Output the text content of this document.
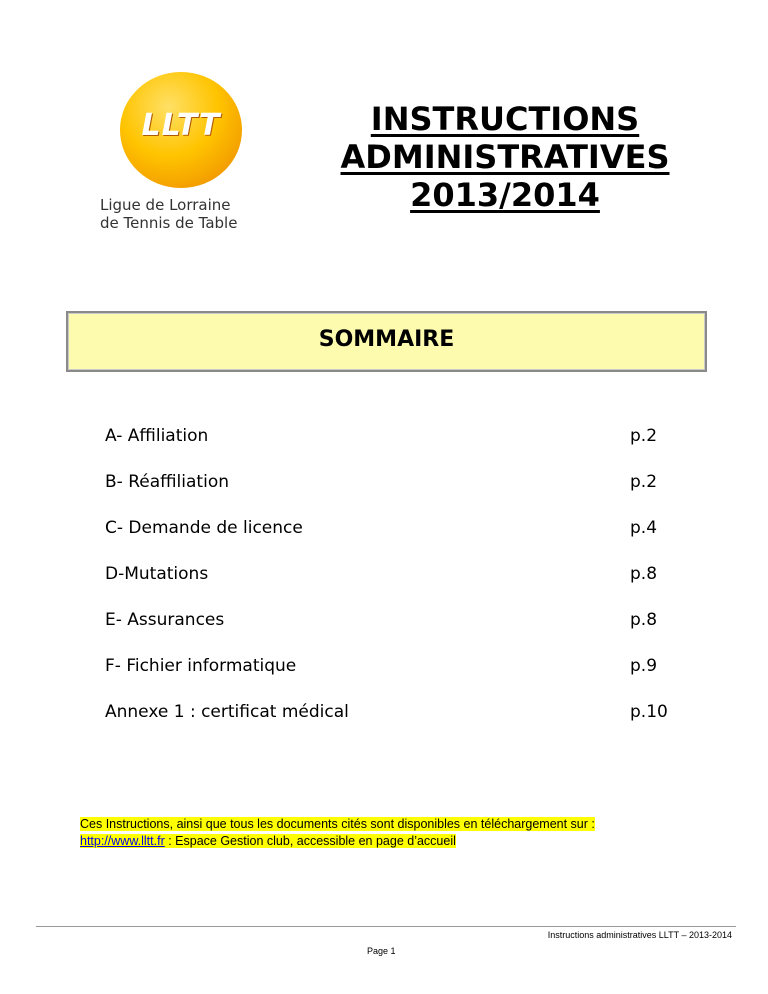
LLTT
Ligue de Lorraine
de Tennis de Table
INSTRUCTIONS
ADMINISTRATIVES
2013/2014
SOMMAIRE
A- Affiliation	p.2
B- Réaffiliation	p.2
C- Demande de licence	p.4
D-Mutations	p.8
E- Assurances	p.8
F- Fichier informatique	p.9
Annexe 1 : certificat médical	p.10
Ces Instructions, ainsi que tous les documents cités sont disponibles en téléchargement sur :
http://www.lltt.fr : Espace Gestion club, accessible en page d’accueil
Instructions administratives LLTT – 2013-2014
Page 1
